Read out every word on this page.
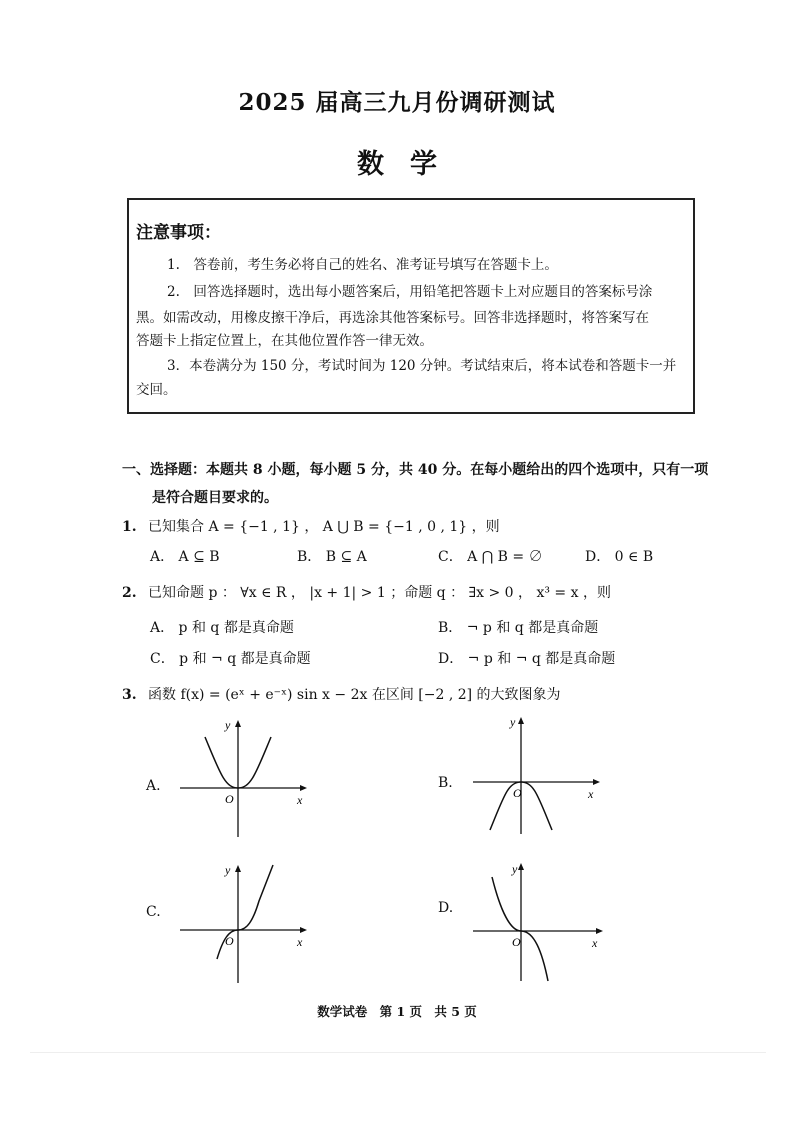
2025 届高三九月份调研测试
数学
注意事项：
1.　答卷前，考生务必将自己的姓名、准考证号填写在答题卡上。
2.　回答选择题时，选出每小题答案后，用铅笔把答题卡上对应题目的答案标号涂
黑。如需改动，用橡皮擦干净后，再选涂其他答案标号。回答非选择题时，将答案写在
答题卡上指定位置上，在其他位置作答一律无效。
3．本卷满分为 150 分，考试时间为 120 分钟。考试结束后，将本试卷和答题卡一并
交回。
一、选择题：本题共 8 小题，每小题 5 分，共 40 分。在每小题给出的四个选项中，只有一项
是符合题目要求的。
1. 已知集合 A = {−1 , 1} ， A ⋃ B = {−1 , 0 , 1} ，则
A． A ⊆ B	B． B ⊆ A	C． A ⋂ B = ∅	D． 0 ∈ B
2. 已知命题 p ： ∀x ∈ R ， |x + 1| > 1 ；命题 q ： ∃x > 0 ， x³ = x ，则
A． p 和 q 都是真命题	B． ¬ p 和 q 都是真命题
C． p 和 ¬ q 都是真命题	D． ¬ p 和 ¬ q 都是真命题
3. 函数 f(x) = (eˣ + e⁻ˣ) sin x − 2x 在区间 [−2 , 2] 的大致图象为
A.
O	x
y
B.
O	x
y
C.
O	x
y
D.
O	x
y
数学试卷 第 1 页 共 5 页
